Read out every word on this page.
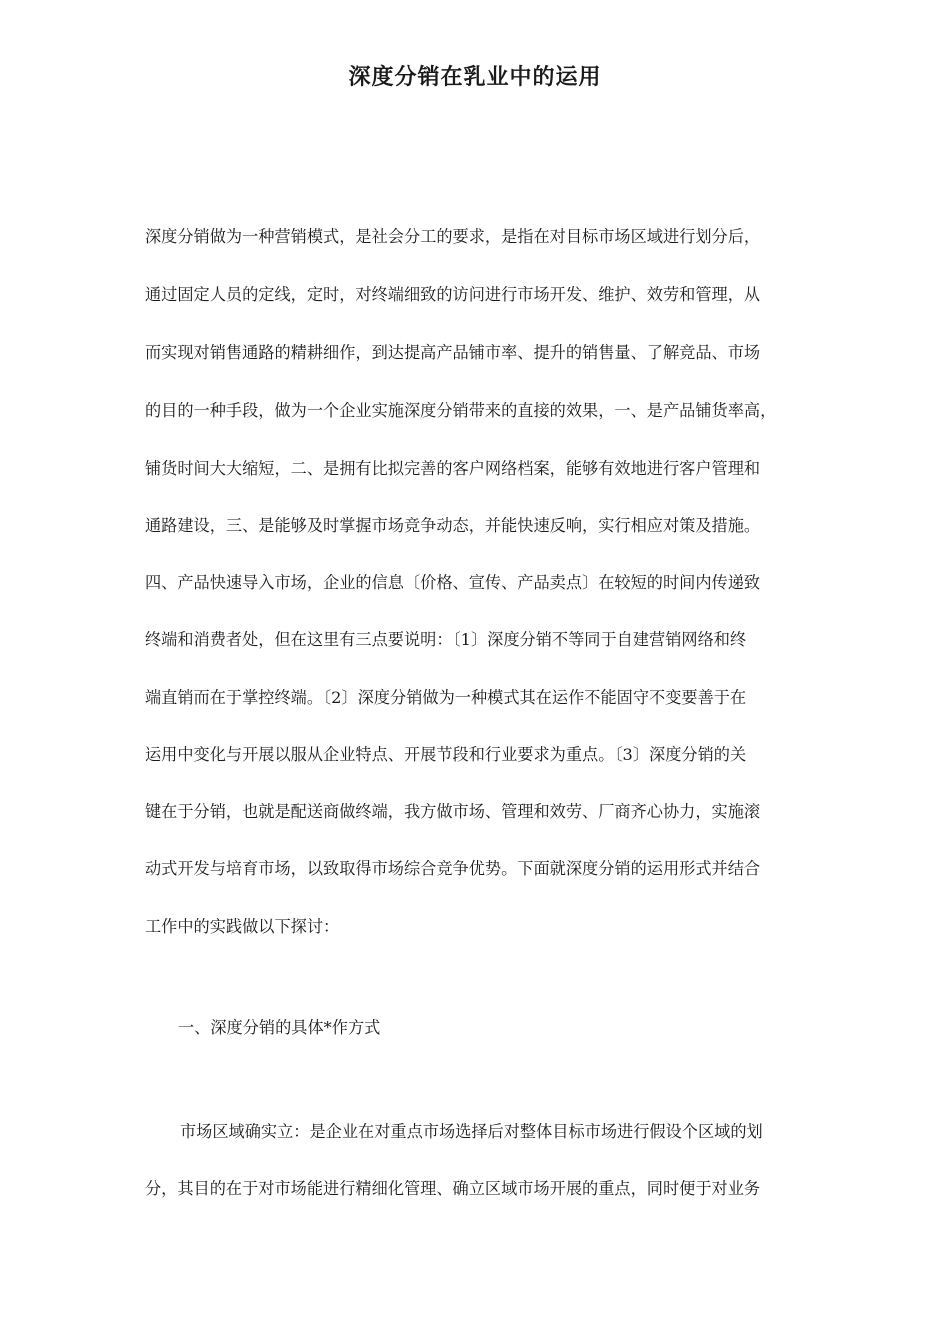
深度分销在乳业中的运用
深度分销做为一种营销模式，是社会分工的要求，是指在对目标市场区域进行划分后，
通过固定人员的定线，定时，对终端细致的访问进行市场开发、维护、效劳和管理，从
而实现对销售通路的精耕细作，到达提高产品铺市率、提升的销售量、了解竞品、市场
的目的一种手段，做为一个企业实施深度分销带来的直接的效果，一、是产品铺货率高，
铺货时间大大缩短，二、是拥有比拟完善的客户网络档案，能够有效地进行客户管理和
通路建设，三、是能够及时掌握市场竞争动态，并能快速反响，实行相应对策及措施。
四、产品快速导入市场，企业的信息〔价格、宣传、产品卖点〕在较短的时间内传递致
终端和消费者处，但在这里有三点要说明：〔1〕深度分销不等同于自建营销网络和终
端直销而在于掌控终端。〔2〕深度分销做为一种模式其在运作不能固守不变要善于在
运用中变化与开展以服从企业特点、开展节段和行业要求为重点。〔3〕深度分销的关
键在于分销，也就是配送商做终端，我方做市场、管理和效劳、厂商齐心协力，实施滚
动式开发与培育市场，以致取得市场综合竞争优势。下面就深度分销的运用形式并结合
工作中的实践做以下探讨：
一、深度分销的具体*作方式
市场区域确实立：是企业在对重点市场选择后对整体目标市场进行假设个区域的划
分，其目的在于对市场能进行精细化管理、确立区域市场开展的重点，同时便于对业务
